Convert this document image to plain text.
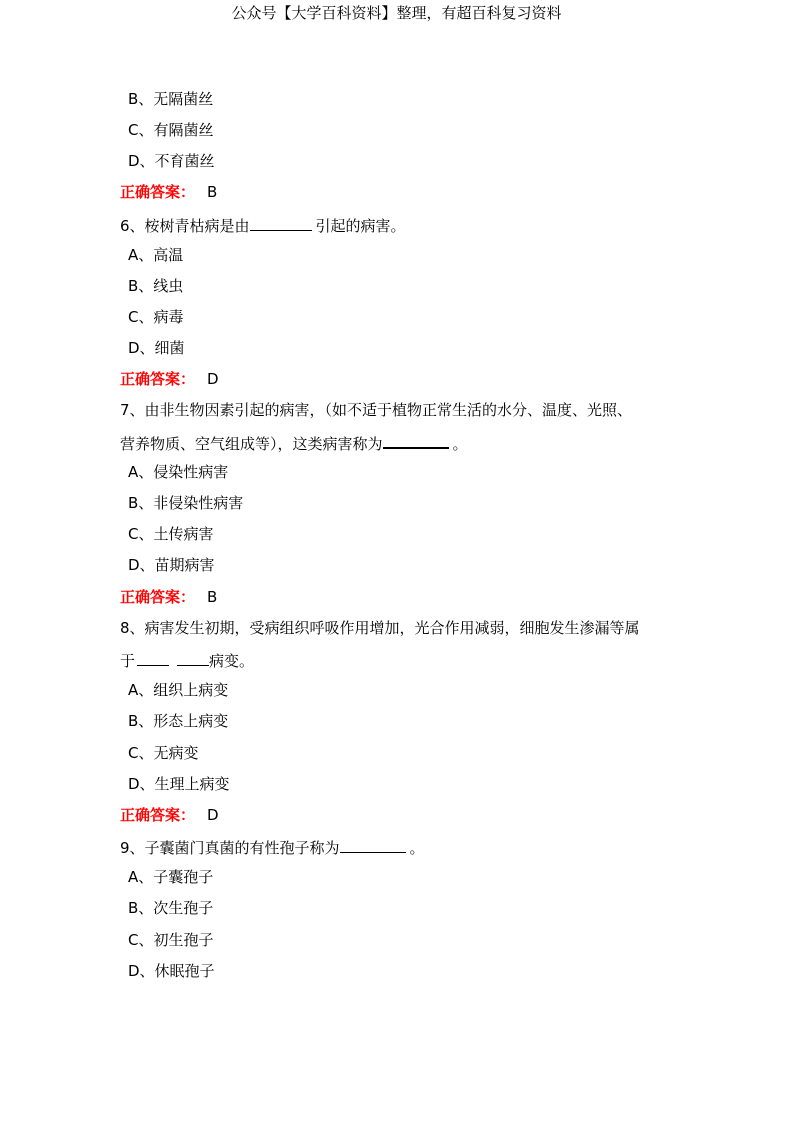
公众号【大学百科资料】整理，有超百科复习资料
B、无隔菌丝
C、有隔菌丝
D、不育菌丝
正确答案： B
6、桉树青枯病是由	引起的病害。
A、高温
B、线虫
C、病毒
D、细菌
正确答案： D
7、由非生物因素引起的病害，（如不适于植物正常生活的水分、温度、光照、
营养物质、空气组成等），这类病害称为	。
A、侵染性病害
B、非侵染性病害
C、土传病害
D、苗期病害
正确答案： B
8、病害发生初期，受病组织呼吸作用增加，光合作用减弱，细胞发生渗漏等属
于	病变。
A、组织上病变
B、形态上病变
C、无病变
D、生理上病变
正确答案： D
9、子囊菌门真菌的有性孢子称为	。
A、子囊孢子
B、次生孢子
C、初生孢子
D、休眠孢子
